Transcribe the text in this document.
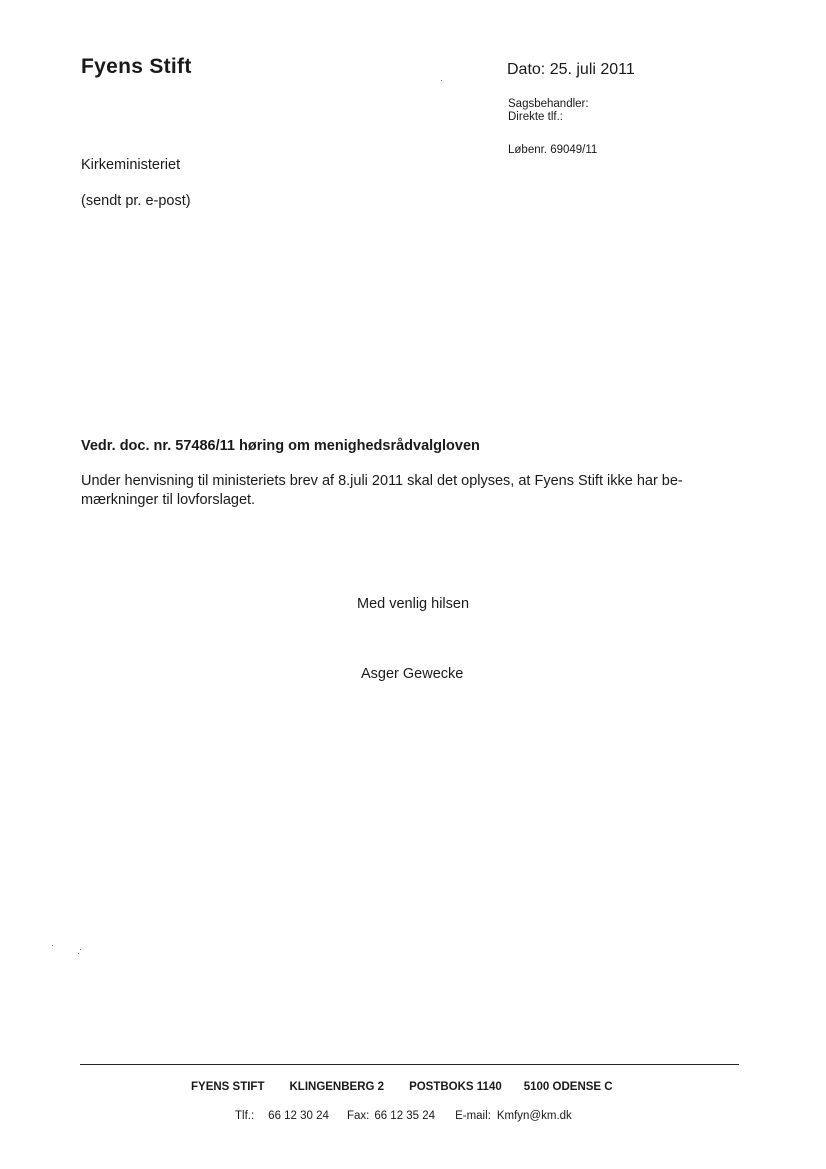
Fyens Stift	Dato: 25. juli 2011
Sagsbehandler:
Direkte tlf.:
Løbenr. 69049/11
Kirkeministeriet
(sendt pr. e-post)
Vedr. doc. nr. 57486/11 høring om menighedsrådvalgloven
Under henvisning til ministeriets brev af 8.juli 2011 skal det oplyses, at Fyens Stift ikke har be-
mærkninger til lovforslaget.
Med venlig hilsen
Asger Gewecke
FYENS STIFT KLINGENBERG 2 POSTBOKS 1140 5100 ODENSE C
Tlf.: 66 12 30 24 Fax: 66 12 35 24 E-mail: Kmfyn@km.dk
